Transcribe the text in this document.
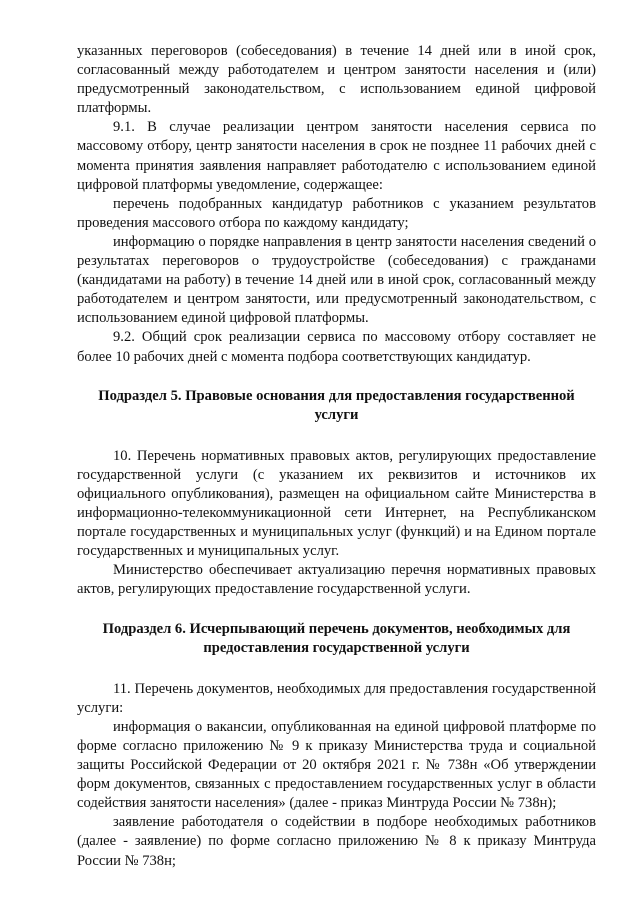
указанных переговоров (собеседования) в течение 14 дней или в иной срок, согласованный между работодателем и центром занятости населения и (или) предусмотренный законодательством, с использованием единой цифровой платформы.

9.1. В случае реализации центром занятости населения сервиса по массовому отбору, центр занятости населения в срок не позднее 11 рабочих дней с момента принятия заявления направляет работодателю с использованием единой цифровой платформы уведомление, содержащее:

перечень подобранных кандидатур работников с указанием результатов проведения массового отбора по каждому кандидату;

информацию о порядке направления в центр занятости населения сведений о результатах переговоров о трудоустройстве (собеседования) с гражданами (кандидатами на работу) в течение 14 дней или в иной срок, согласованный между работодателем и центром занятости, или предусмотренный законодательством, с использованием единой цифровой платформы.

9.2. Общий срок реализации сервиса по массовому отбору составляет не более 10 рабочих дней с момента подбора соответствующих кандидатур.

Подраздел 5. Правовые основания для предоставления государственной услуги

10. Перечень нормативных правовых актов, регулирующих предоставление государственной услуги (с указанием их реквизитов и источников их официального опубликования), размещен на официальном сайте Министерства в информационно-телекоммуникационной сети Интернет, на Республиканском портале государственных и муниципальных услуг (функций) и на Едином портале государственных и муниципальных услуг.

Министерство обеспечивает актуализацию перечня нормативных правовых актов, регулирующих предоставление государственной услуги.

Подраздел 6. Исчерпывающий перечень документов, необходимых для предоставления государственной услуги

11. Перечень документов, необходимых для предоставления государственной услуги:

информация о вакансии, опубликованная на единой цифровой платформе по форме согласно приложению № 9 к приказу Министерства труда и социальной защиты Российской Федерации от 20 октября 2021 г. № 738н «Об утверждении форм документов, связанных с предоставлением государственных услуг в области содействия занятости населения» (далее - приказ Минтруда России № 738н);

заявление работодателя о содействии в подборе необходимых работников (далее - заявление) по форме согласно приложению № 8 к приказу Минтруда России № 738н;
